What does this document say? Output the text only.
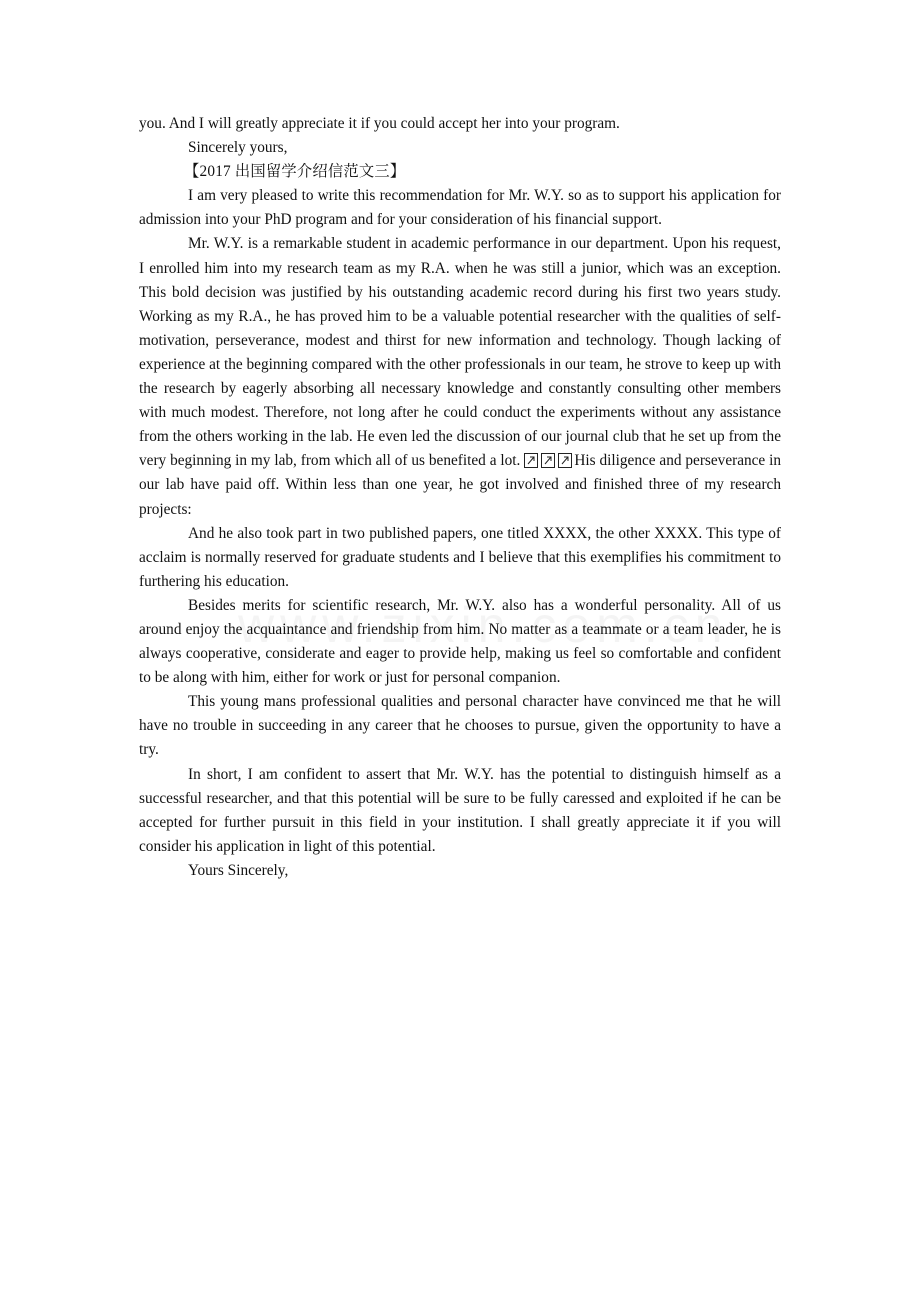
you. And I will greatly appreciate it if you could accept her into your program.
Sincerely yours,
【2017 出国留学介绍信范文三】

I am very pleased to write this recommendation for Mr. W.Y. so as to support his application for admission into your PhD program and for your consideration of his financial support.

Mr. W.Y. is a remarkable student in academic performance in our department. Upon his request, I enrolled him into my research team as my R.A. when he was still a junior, which was an exception. This bold decision was justified by his outstanding academic record during his first two years study. Working as my R.A., he has proved him to be a valuable potential researcher with the qualities of self-motivation, perseverance, modest and thirst for new information and technology. Though lacking of experience at the beginning compared with the other professionals in our team, he strove to keep up with the research by eagerly absorbing all necessary knowledge and constantly consulting other members with much modest. Therefore, not long after he could conduct the experiments without any assistance from the others working in the lab. He even led the discussion of our journal club that he set up from the very beginning in my lab, from which all of us benefited a lot.	His diligence and perseverance in our lab have paid off. Within less than one year, he got involved and finished three of my research projects:

And he also took part in two published papers, one titled XXXX, the other XXXX. This type of acclaim is normally reserved for graduate students and I believe that this exemplifies his commitment to furthering his education.

Besides merits for scientific research, Mr. W.Y. also has a wonderful personality. All of us around enjoy the acquaintance and friendship from him. No matter as a teammate or a team leader, he is always cooperative, considerate and eager to provide help, making us feel so comfortable and confident to be along with him, either for work or just for personal companion.

This young mans professional qualities and personal character have convinced me that he will have no trouble in succeeding in any career that he chooses to pursue, given the opportunity to have a try.

In short, I am confident to assert that Mr. W.Y. has the potential to distinguish himself as a successful researcher, and that this potential will be sure to be fully caressed and exploited if he can be accepted for further pursuit in this field in your institution. I shall greatly appreciate it if you will consider his application in light of this potential.

Yours Sincerely,
